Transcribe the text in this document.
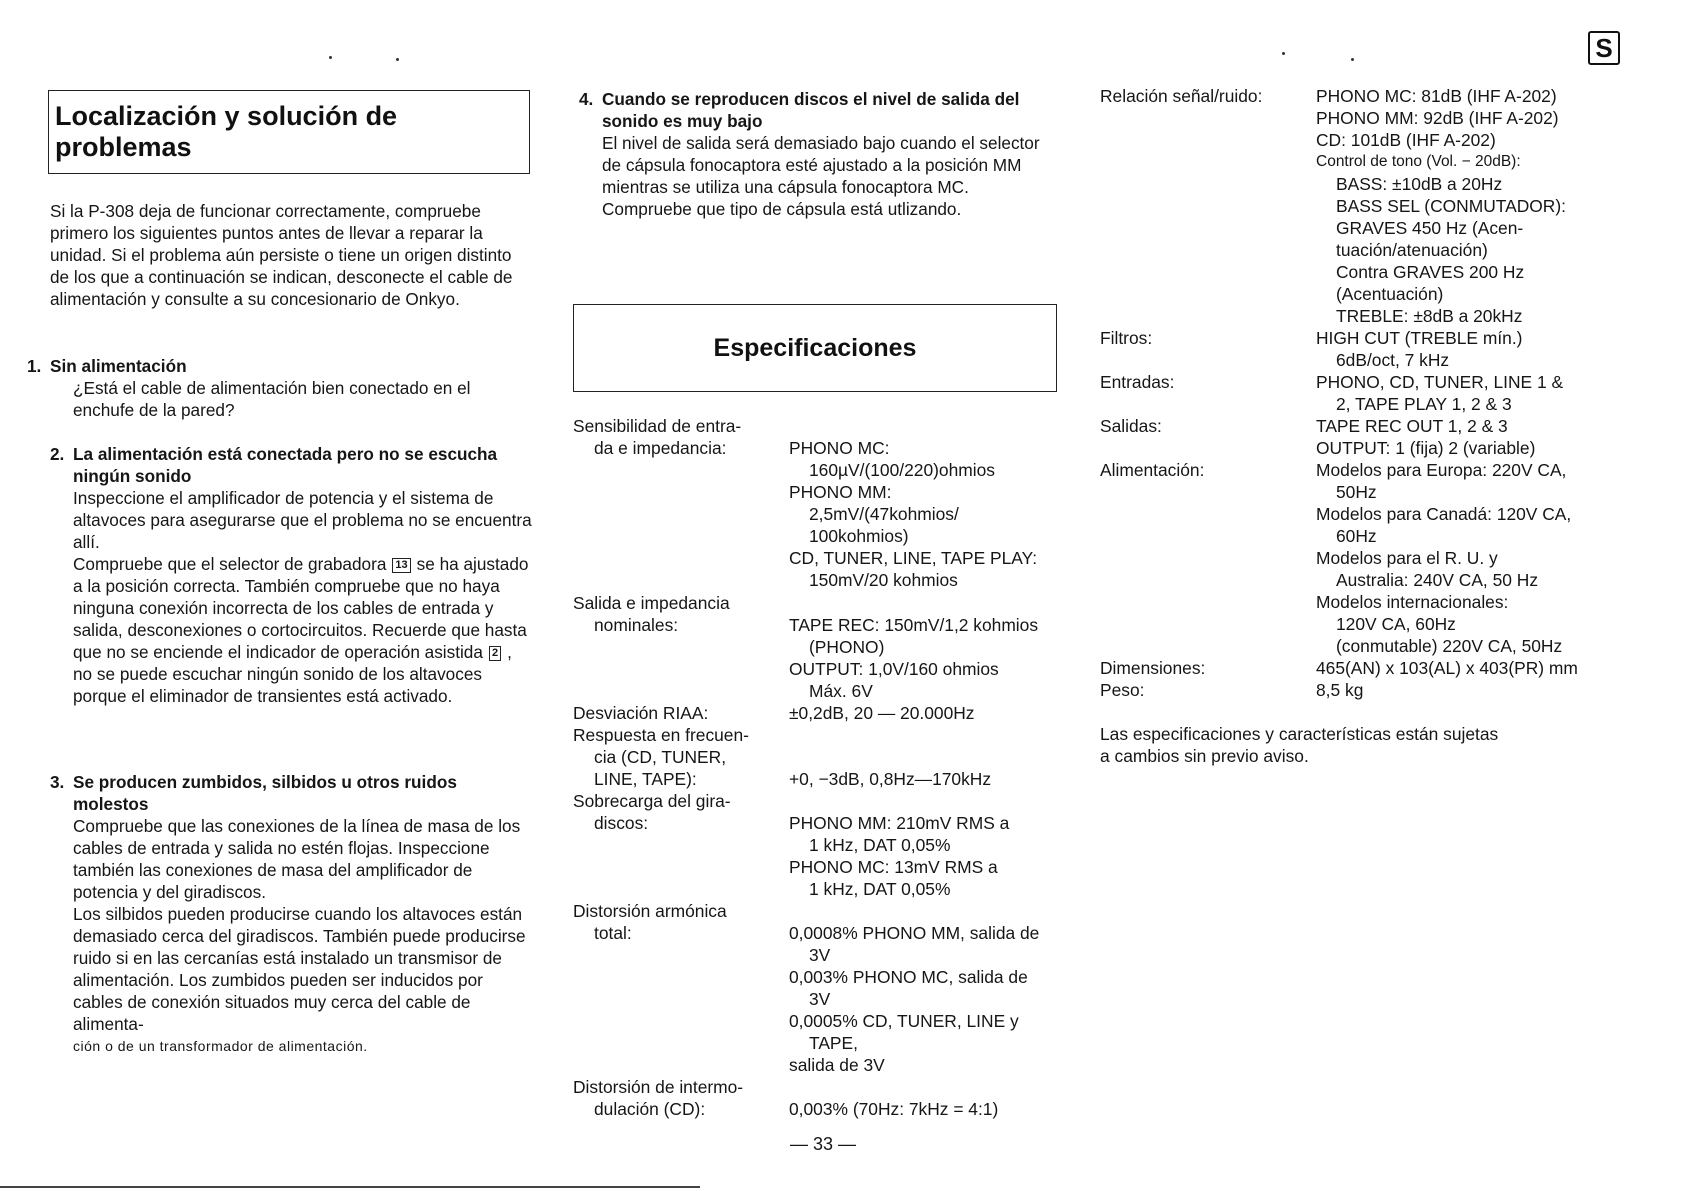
S
Localización y solución de problemas
Si la P-308 deja de funcionar correctamente, compruebe primero los siguientes puntos antes de llevar a reparar la unidad. Si el problema aún persiste o tiene un origen distinto de los que a continuación se indican, desconecte el cable de alimentación y consulte a su concesionario de Onkyo.
1. Sin alimentación
¿Está el cable de alimentación bien conectado en el enchufe de la pared?
2. La alimentación está conectada pero no se escucha ningún sonido
Inspeccione el amplificador de potencia y el sistema de altavoces para asegurarse que el problema no se encuentra allí.
Compruebe que el selector de grabadora 13 se ha ajustado a la posición correcta. También compruebe que no haya ninguna conexión incorrecta de los cables de entrada y salida, desconexiones o cortocircuitos. Recuerde que hasta que no se enciende el indicador de operación asistida 2 , no se puede escuchar ningún sonido de los altavoces porque el eliminador de transientes está activado.
3. Se producen zumbidos, silbidos u otros ruidos molestos
Compruebe que las conexiones de la línea de masa de los cables de entrada y salida no estén flojas. Inspeccione también las conexiones de masa del amplificador de potencia y del giradiscos.
Los silbidos pueden producirse cuando los altavoces están demasiado cerca del giradiscos. También puede producirse ruido si en las cercanías está instalado un transmisor de alimentación. Los zumbidos pueden ser inducidos por cables de conexión situados muy cerca del cable de alimenta-
ción o de un transformador de alimentación.
4. Cuando se reproducen discos el nivel de salida del sonido es muy bajo
El nivel de salida será demasiado bajo cuando el selector de cápsula fonocaptora esté ajustado a la posición MM mientras se utiliza una cápsula fonocaptora MC. Compruebe que tipo de cápsula está utlizando.
Especificaciones
Sensibilidad de entra-
da e impedancia:	PHONO MC:
160µV/(100/220)ohmios
PHONO MM:
2,5mV/(47kohmios/
100kohmios)
CD, TUNER, LINE, TAPE PLAY:
150mV/20 kohmios
Salida e impedancia
nominales:	TAPE REC: 150mV/1,2 kohmios
(PHONO)
OUTPUT: 1,0V/160 ohmios
Máx. 6V
Desviación RIAA:	±0,2dB, 20 — 20.000Hz
Respuesta en frecuen-
cia (CD, TUNER,
LINE, TAPE):	+0, −3dB, 0,8Hz—170kHz
Sobrecarga del gira-
discos:	PHONO MM: 210mV RMS a
1 kHz, DAT 0,05%
PHONO MC: 13mV RMS a
1 kHz, DAT 0,05%
Distorsión armónica
total:	0,0008% PHONO MM, salida de
3V
0,003% PHONO MC, salida de
3V
0,0005% CD, TUNER, LINE y
TAPE,
salida de 3V
Distorsión de intermo-
dulación (CD):	0,003% (70Hz: 7kHz = 4:1)
Relación señal/ruido:	PHONO MC: 81dB (IHF A-202)
PHONO MM: 92dB (IHF A-202)
CD: 101dB (IHF A-202)
Control de tono (Vol. − 20dB):
BASS: ±10dB a 20Hz
BASS SEL (CONMUTADOR):
GRAVES 450 Hz (Acen-
tuación/atenuación)
Contra GRAVES 200 Hz
(Acentuación)
TREBLE: ±8dB a 20kHz
Filtros:	HIGH CUT (TREBLE mín.)
6dB/oct, 7 kHz
Entradas:	PHONO, CD, TUNER, LINE 1 &
2, TAPE PLAY 1, 2 & 3
Salidas:	TAPE REC OUT 1, 2 & 3
OUTPUT: 1 (fija) 2 (variable)
Alimentación:	Modelos para Europa: 220V CA,
50Hz
Modelos para Canadá: 120V CA,
60Hz
Modelos para el R. U. y
Australia: 240V CA, 50 Hz
Modelos internacionales:
120V CA, 60Hz
(conmutable) 220V CA, 50Hz
Dimensiones:	465(AN) x 103(AL) x 403(PR) mm
Peso:	8,5 kg
Las especificaciones y características están sujetas
a cambios sin previo aviso.
— 33 —
